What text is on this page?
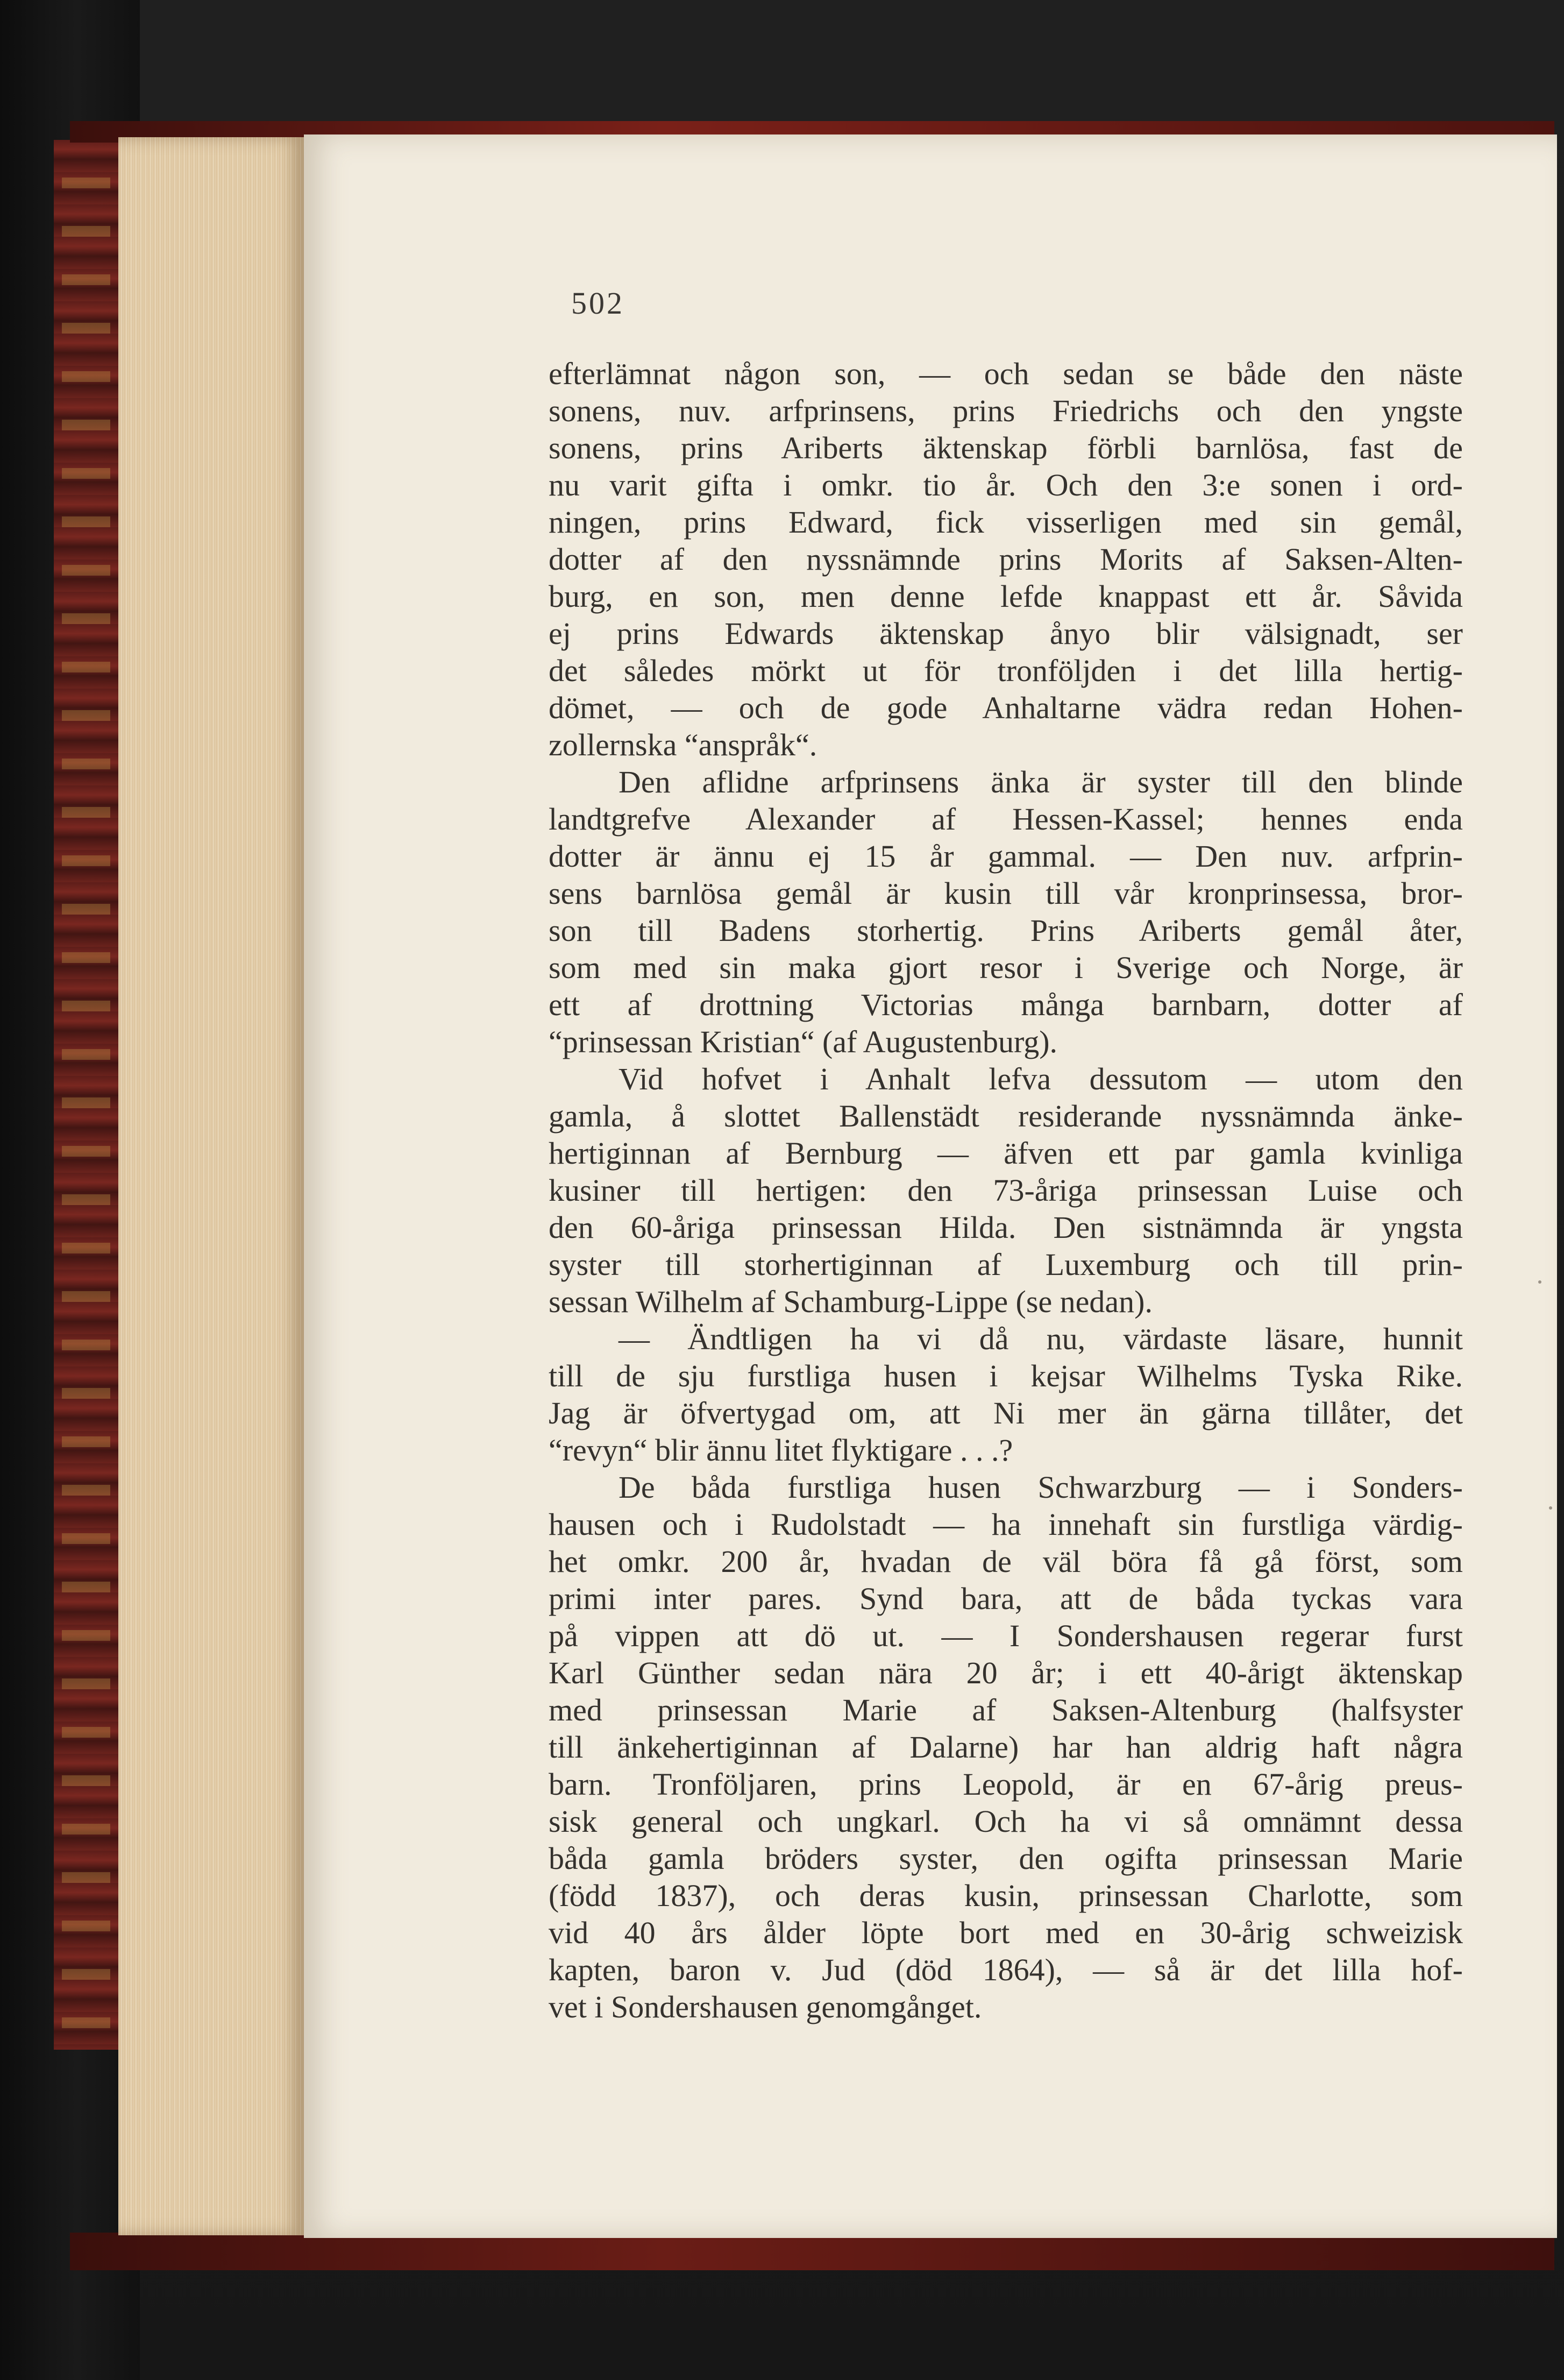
502
efterlämnat någon son, — och sedan se både den näste
sonens, nuv. arfprinsens, prins Friedrichs och den yngste
sonens, prins Ariberts äktenskap förbli barnlösa, fast de
nu varit gifta i omkr. tio år. Och den 3:e sonen i ord-
ningen, prins Edward, fick visserligen med sin gemål,
dotter af den nyssnämnde prins Morits af Saksen-Alten-
burg, en son, men denne lefde knappast ett år. Såvida
ej prins Edwards äktenskap ånyo blir välsignadt, ser
det således mörkt ut för tronföljden i det lilla hertig-
dömet, — och de gode Anhaltarne vädra redan Hohen-
zollernska “anspråk“.
Den aflidne arfprinsens änka är syster till den blinde
landtgrefve Alexander af Hessen-Kassel; hennes enda
dotter är ännu ej 15 år gammal. — Den nuv. arfprin-
sens barnlösa gemål är kusin till vår kronprinsessa, bror-
son till Badens storhertig. Prins Ariberts gemål åter,
som med sin maka gjort resor i Sverige och Norge, är
ett af drottning Victorias många barnbarn, dotter af
“prinsessan Kristian“ (af Augustenburg).
Vid hofvet i Anhalt lefva dessutom — utom den
gamla, å slottet Ballenstädt residerande nyssnämnda änke-
hertiginnan af Bernburg — äfven ett par gamla kvinliga
kusiner till hertigen: den 73-åriga prinsessan Luise och
den 60-åriga prinsessan Hilda. Den sistnämnda är yngsta
syster till storhertiginnan af Luxemburg och till prin-
sessan Wilhelm af Schamburg-Lippe (se nedan).
— Ändtligen ha vi då nu, värdaste läsare, hunnit
till de sju furstliga husen i kejsar Wilhelms Tyska Rike.
Jag är öfvertygad om, att Ni mer än gärna tillåter, det
“revyn“ blir ännu litet flyktigare . . .?
De båda furstliga husen Schwarzburg — i Sonders-
hausen och i Rudolstadt — ha innehaft sin furstliga värdig-
het omkr. 200 år, hvadan de väl böra få gå först, som
primi inter pares. Synd bara, att de båda tyckas vara
på vippen att dö ut. — I Sondershausen regerar furst
Karl Günther sedan nära 20 år; i ett 40-årigt äktenskap
med prinsessan Marie af Saksen-Altenburg (halfsyster
till änkehertiginnan af Dalarne) har han aldrig haft några
barn. Tronföljaren, prins Leopold, är en 67-årig preus-
sisk general och ungkarl. Och ha vi så omnämnt dessa
båda gamla bröders syster, den ogifta prinsessan Marie
(född 1837), och deras kusin, prinsessan Charlotte, som
vid 40 års ålder löpte bort med en 30-årig schweizisk
kapten, baron v. Jud (död 1864), — så är det lilla hof-
vet i Sondershausen genomgånget.
